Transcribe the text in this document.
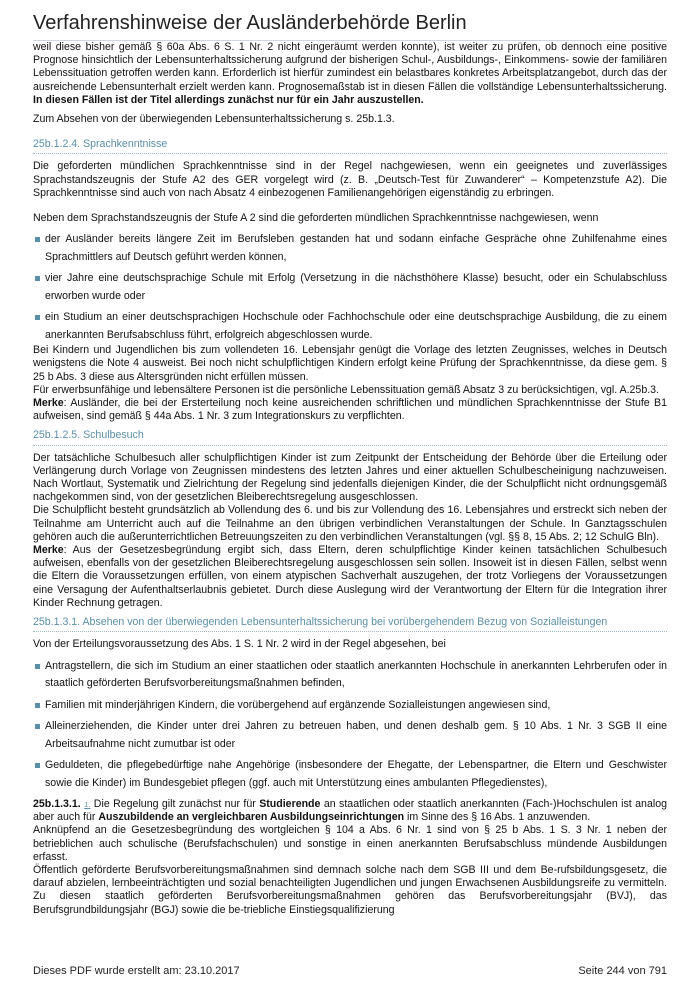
Verfahrenshinweise der Ausländerbehörde Berlin

weil diese bisher gemäß § 60a Abs. 6 S. 1 Nr. 2 nicht eingeräumt werden konnte), ist weiter zu prüfen, ob dennoch eine positive Prognose hinsichtlich der Lebensunterhaltssicherung aufgrund der bisherigen Schul-, Ausbildungs-, Einkommens- sowie der familiären Lebenssituation getroffen werden kann. Erforderlich ist hierfür zumindest ein belastbares konkretes Arbeitsplatzangebot, durch das der ausreichende Lebensunterhalt erzielt werden kann. Prognosemaßstab ist in diesen Fällen die vollständige Lebensunterhaltssicherung. In diesen Fällen ist der Titel allerdings zunächst nur für ein Jahr auszustellen.

Zum Absehen von der überwiegenden Lebensunterhaltssicherung s. 25b.1.3.

25b.1.2.4. Sprachkenntnisse

Die geforderten mündlichen Sprachkenntnisse sind in der Regel nachgewiesen, wenn ein geeignetes und zuverlässiges Sprachstandszeugnis der Stufe A2 des GER vorgelegt wird (z. B. „Deutsch-Test für Zuwanderer“ – Kompetenzstufe A2). Die Sprachkenntnisse sind auch von nach Absatz 4 einbezogenen Familienangehörigen eigenständig zu erbringen.

Neben dem Sprachstandszeugnis der Stufe A 2 sind die geforderten mündlichen Sprachkenntnisse nachgewiesen, wenn

der Ausländer bereits längere Zeit im Berufsleben gestanden hat und sodann einfache Gespräche ohne Zuhilfenahme eines Sprachmittlers auf Deutsch geführt werden können,
vier Jahre eine deutschsprachige Schule mit Erfolg (Versetzung in die nächsthöhere Klasse) besucht, oder ein Schulabschluss erworben wurde oder
ein Studium an einer deutschsprachigen Hochschule oder Fachhochschule oder eine deutschsprachige Ausbildung, die zu einem anerkannten Berufsabschluss führt, erfolgreich abgeschlossen wurde.

Bei Kindern und Jugendlichen bis zum vollendeten 16. Lebensjahr genügt die Vorlage des letzten Zeugnisses, welches in Deutsch wenigstens die Note 4 ausweist. Bei noch nicht schulpflichtigen Kindern erfolgt keine Prüfung der Sprachkenntnisse, da diese gem. § 25 b Abs. 3 diese aus Altersgründen nicht erfüllen müssen.

Für erwerbsunfähige und lebensältere Personen ist die persönliche Lebenssituation gemäß Absatz 3 zu berücksichtigen, vgl. A.25b.3.

Merke: Ausländer, die bei der Ersterteilung noch keine ausreichenden schriftlichen und mündlichen Sprachkenntnisse der Stufe B1 aufweisen, sind gemäß § 44a Abs. 1 Nr. 3 zum Integrationskurs zu verpflichten.

25b.1.2.5. Schulbesuch

Der tatsächliche Schulbesuch aller schulpflichtigen Kinder ist zum Zeitpunkt der Entscheidung der Behörde über die Erteilung oder Verlängerung durch Vorlage von Zeugnissen mindestens des letzten Jahres und einer aktuellen Schulbescheinigung nachzuweisen. Nach Wortlaut, Systematik und Zielrichtung der Regelung sind jedenfalls diejenigen Kinder, die der Schulpflicht nicht ordnungsgemäß nachgekommen sind, von der gesetzlichen Bleiberechtsregelung ausgeschlossen.

Die Schulpflicht besteht grundsätzlich ab Vollendung des 6. und bis zur Vollendung des 16. Lebensjahres und erstreckt sich neben der Teilnahme am Unterricht auch auf die Teilnahme an den übrigen verbindlichen Veranstaltungen der Schule. In Ganztagsschulen gehören auch die außerunterrichtlichen Betreuungszeiten zu den verbindlichen Veranstaltungen (vgl. §§ 8, 15 Abs. 2; 12 SchulG Bln).

Merke: Aus der Gesetzesbegründung ergibt sich, dass Eltern, deren schulpflichtige Kinder keinen tatsächlichen Schulbesuch aufweisen, ebenfalls von der gesetzlichen Bleiberechtsregelung ausgeschlossen sein sollen. Insoweit ist in diesen Fällen, selbst wenn die Eltern die Voraussetzungen erfüllen, von einem atypischen Sachverhalt auszugehen, der trotz Vorliegens der Voraussetzungen eine Versagung der Aufenthaltserlaubnis gebietet. Durch diese Auslegung wird der Verantwortung der Eltern für die Integration ihrer Kinder Rechnung getragen.

25b.1.3.1. Absehen von der überwiegenden Lebensunterhaltssicherung bei vorübergehendem Bezug von Sozialleistungen

Von der Erteilungsvoraussetzung des Abs. 1 S. 1 Nr. 2 wird in der Regel abgesehen, bei

Antragstellern, die sich im Studium an einer staatlichen oder staatlich anerkannten Hochschule in anerkannten Lehrberufen oder in staatlich geförderten Berufsvorbereitungsmaßnahmen befinden,
Familien mit minderjährigen Kindern, die vorübergehend auf ergänzende Sozialleistungen angewiesen sind,
Alleinerziehenden, die Kinder unter drei Jahren zu betreuen haben, und denen deshalb gem. § 10 Abs. 1 Nr. 3 SGB II eine Arbeitsaufnahme nicht zumutbar ist oder
Geduldeten, die pflegebedürftige nahe Angehörige (insbesondere der Ehegatte, der Lebenspartner, die Eltern und Geschwister sowie die Kinder) im Bundesgebiet pflegen (ggf. auch mit Unterstützung eines ambulanten Pflegedienstes),

25b.1.3.1. 1. Die Regelung gilt zunächst nur für Studierende an staatlichen oder staatlich anerkannten (Fach-)Hochschulen ist analog aber auch für Auszubildende an vergleichbaren Ausbildungseinrichtungen im Sinne des § 16 Abs. 1 anzuwenden.

Anknüpfend an die Gesetzesbegründung des wortgleichen § 104 a Abs. 6 Nr. 1 sind von § 25 b Abs. 1 S. 3 Nr. 1 neben der betrieblichen auch schulische (Berufsfachschulen) und sonstige in einen anerkannten Berufsabschluss mündende Ausbildungen erfasst.

Öffentlich geförderte Berufsvorbereitungsmaßnahmen sind demnach solche nach dem SGB III und dem Be-rufsbildungsgesetz, die darauf abzielen, lernbeeinträchtigten und sozial benachteiligten Jugendlichen und jungen Erwachsenen Ausbildungsreife zu vermitteln. Zu diesen staatlich geförderten Berufsvorbereitungsmaßnahmen gehören das Berufsvorbereitungsjahr (BVJ), das Berufsgrundbildungsjahr (BGJ) sowie die be-triebliche Einstiegsqualifizierung

Dieses PDF wurde erstellt am: 23.10.2017	Seite 244 von 791
